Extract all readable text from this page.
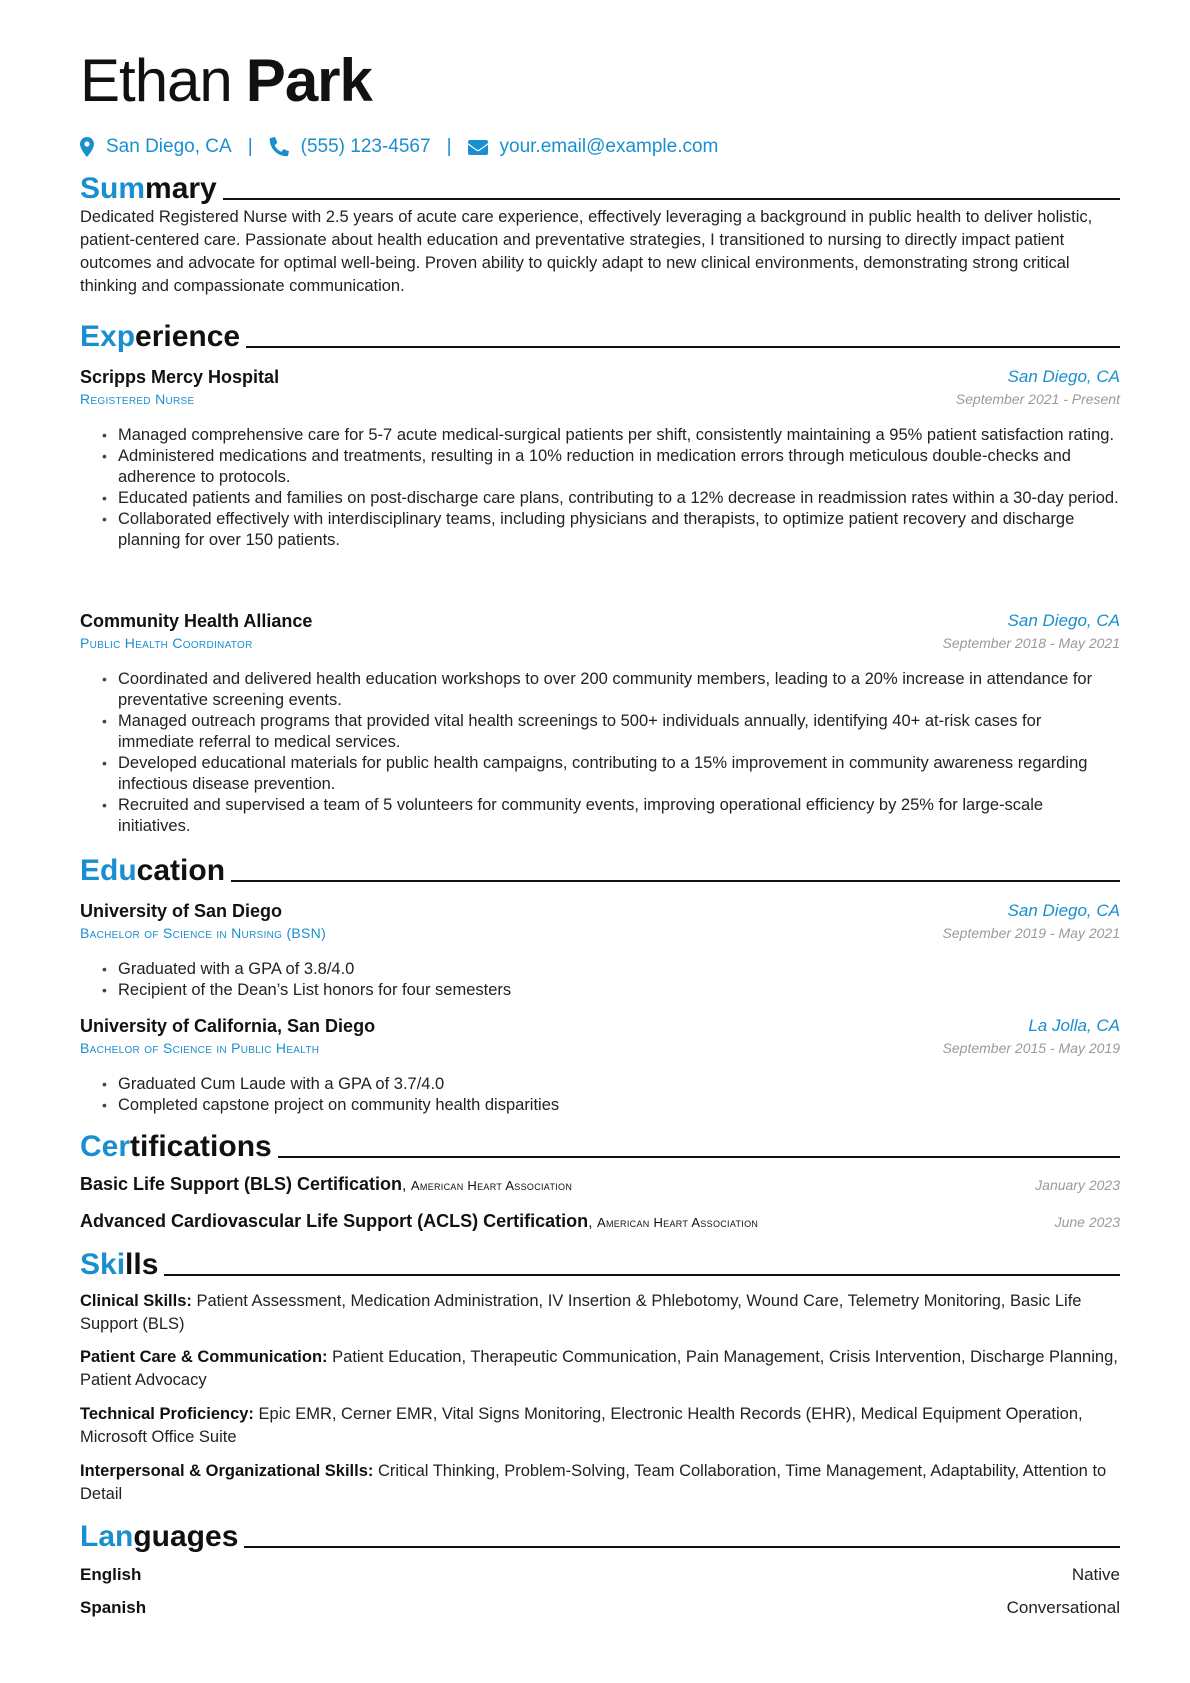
Ethan Park
San Diego, CA |	(555) 123-4567 |	your.email@example.com
Summary
Dedicated Registered Nurse with 2.5 years of acute care experience, effectively leveraging a background in public health to deliver holistic, patient-centered care. Passionate about health education and preventative strategies, I transitioned to nursing to directly impact patient outcomes and advocate for optimal well-being. Proven ability to quickly adapt to new clinical environments, demonstrating strong critical thinking and compassionate communication.
Experience
Scripps Mercy Hospital	San Diego, CA
Registered Nurse	September 2021 - Present
• Managed comprehensive care for 5-7 acute medical-surgical patients per shift, consistently maintaining a 95% patient satisfaction rating.
• Administered medications and treatments, resulting in a 10% reduction in medication errors through meticulous double-checks and adherence to protocols.
• Educated patients and families on post-discharge care plans, contributing to a 12% decrease in readmission rates within a 30-day period.
• Collaborated effectively with interdisciplinary teams, including physicians and therapists, to optimize patient recovery and discharge planning for over 150 patients.
Community Health Alliance	San Diego, CA
Public Health Coordinator	September 2018 - May 2021
• Coordinated and delivered health education workshops to over 200 community members, leading to a 20% increase in attendance for preventative screening events.
• Managed outreach programs that provided vital health screenings to 500+ individuals annually, identifying 40+ at-risk cases for immediate referral to medical services.
• Developed educational materials for public health campaigns, contributing to a 15% improvement in community awareness regarding infectious disease prevention.
• Recruited and supervised a team of 5 volunteers for community events, improving operational efficiency by 25% for large-scale initiatives.
Education
University of San Diego	San Diego, CA
Bachelor of Science in Nursing (BSN)	September 2019 - May 2021
• Graduated with a GPA of 3.8/4.0
• Recipient of the Dean’s List honors for four semesters
University of California, San Diego	La Jolla, CA
Bachelor of Science in Public Health	September 2015 - May 2019
• Graduated Cum Laude with a GPA of 3.7/4.0
• Completed capstone project on community health disparities
Certifications
Basic Life Support (BLS) Certification, American Heart Association	January 2023
Advanced Cardiovascular Life Support (ACLS) Certification, American Heart Association	June 2023
Skills
Clinical Skills: Patient Assessment, Medication Administration, IV Insertion & Phlebotomy, Wound Care, Telemetry Monitoring, Basic Life Support (BLS)
Patient Care & Communication: Patient Education, Therapeutic Communication, Pain Management, Crisis Intervention, Discharge Planning, Patient Advocacy
Technical Proficiency: Epic EMR, Cerner EMR, Vital Signs Monitoring, Electronic Health Records (EHR), Medical Equipment Operation, Microsoft Office Suite
Interpersonal & Organizational Skills: Critical Thinking, Problem-Solving, Team Collaboration, Time Management, Adaptability, Attention to Detail
Languages
English	Native
Spanish	Conversational
